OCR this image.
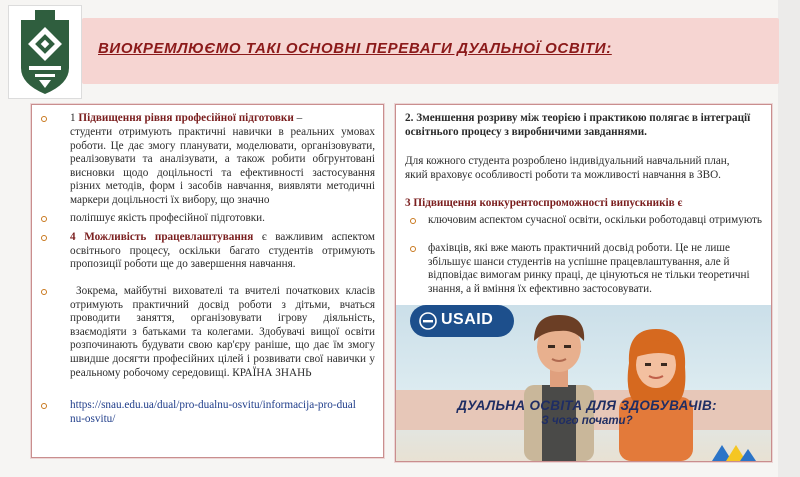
ВИОКРЕМЛЮЄМО ТАКІ ОСНОВНІ ПЕРЕВАГИ ДУАЛЬНОЇ ОСВІТИ:

1 Підвищення рівня професійної підготовки –

студенти отримують практичні навички в реальних умовах роботи. Це дає змогу планувати, моделювати, організовувати, реалізовувати та аналізувати, а також робити обгрунтовані висновки щодо доцільності та ефективності застосування різних методів, форм і засобів навчання, виявляти методичні маркери доцільності їх вибору, що значно

поліпшує якість професійної підготовки.

4 Можливість працевлаштування є важливим аспектом освітнього процесу, оскільки багато студентів отримують пропозиції роботи ще до завершення навчання.

Зокрема, майбутні вихователі та вчителі початкових класів отримують практичний досвід роботи з дітьми, вчаться проводити заняття, організовувати ігрову діяльність, взаємодіяти з батьками та колегами. Здобувачі вищої освіти розпочинають будувати свою кар'єру раніше, що дає їм змогу швидше досягти професійних цілей і розвивати свої навички у реальному робочому середовищі. КРАЇНА ЗНАНЬ

https://snau.edu.ua/dual/pro-dualnu-osvitu/informacija-pro-dualnu-osvitu/

2. Зменшення розриву між теорією і практикою полягає в інтеграції освітнього процесу з виробничими завданнями.

Для кожного студента розроблено індивідуальний навчальний план, який враховує особливості роботи та можливості навчання в ЗВО.

3 Підвищення конкурентоспроможності випускників є

ключовим аспектом сучасної освіти, оскільки роботодавці отримують

фахівців, які вже мають практичний досвід роботи. Це не лише збільшує шанси студентів на успішне працевлаштування, але й відповідає вимогам ринку праці, де цінуються не тільки теоретичні знання, а й вміння їх ефективно застосовувати.

USAID

ДУАЛЬНА ОСВІТА ДЛЯ ЗДОБУВАЧІВ:

З чого почати?
